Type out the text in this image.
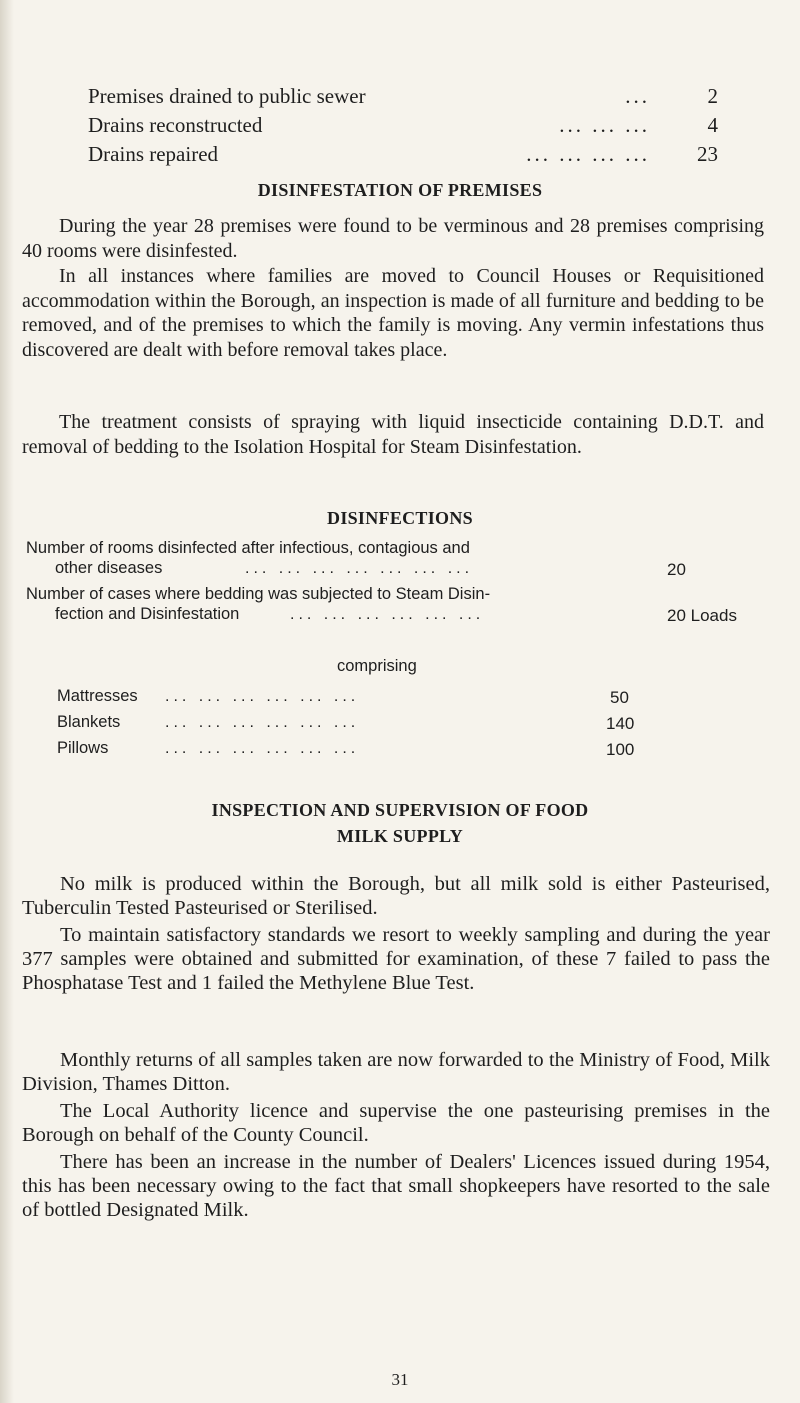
Premises drained to public sewer	...	2
Drains reconstructed	... ... ...	4
Drains repaired	... ... ... ... 23
DISINFESTATION OF PREMISES

During the year 28 premises were found to be verminous and 28 premises comprising 40 rooms were disinfested.

In all instances where families are moved to Council Houses or Requisitioned accommodation within the Borough, an inspection is made of all furniture and bedding to be removed, and of the premises to which the family is moving. Any vermin infestations thus discovered are dealt with before removal takes place.

The treatment consists of spraying with liquid insecticide containing D.D.T. and removal of bedding to the Isolation Hospital for Steam Disinfestation.

DISINFECTIONS
Number of rooms disinfected after infectious, contagious and
other diseases	... ... ... ... ... ... ...	20
Number of cases where bedding was subjected to Steam Disin-
fection and Disinfestation	... ... ... ... ... ...	20 Loads
comprising
Mattresses ... ... ... ... ... ...	50
Blankets	... ... ... ... ... ...	140
Pillows	... ... ... ... ... ...	100
INSPECTION AND SUPERVISION OF FOOD
MILK SUPPLY

No milk is produced within the Borough, but all milk sold is either Pasteurised, Tuberculin Tested Pasteurised or Sterilised.

To maintain satisfactory standards we resort to weekly sampling and during the year 377 samples were obtained and submitted for examination, of these 7 failed to pass the Phosphatase Test and 1 failed the Methylene Blue Test.

Monthly returns of all samples taken are now forwarded to the Ministry of Food, Milk Division, Thames Ditton.

The Local Authority licence and supervise the one pasteurising premises in the Borough on behalf of the County Council.

There has been an increase in the number of Dealers' Licences issued during 1954, this has been necessary owing to the fact that small shopkeepers have resorted to the sale of bottled Designated Milk.

31
